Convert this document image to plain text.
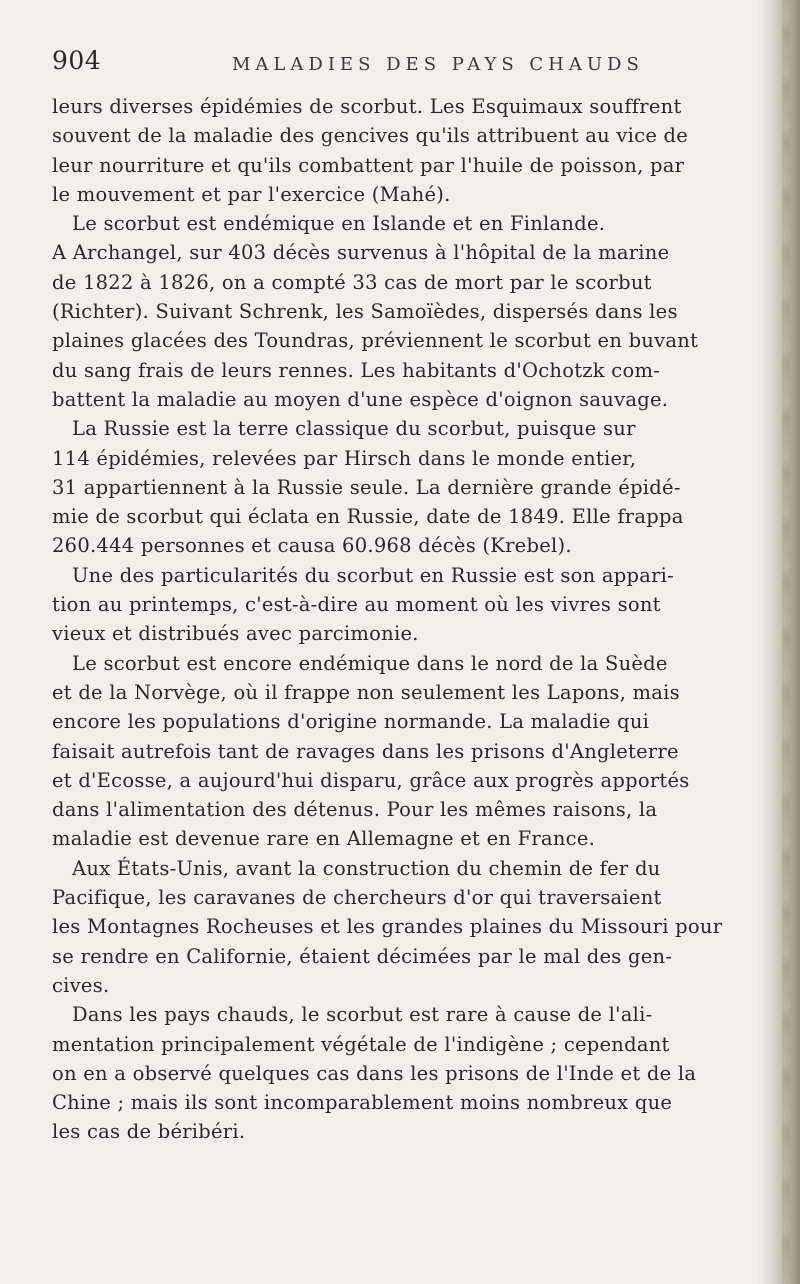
904	MALADIES DES PAYS CHAUDS
leurs diverses épidémies de scorbut. Les Esquimaux souffrent
souvent de la maladie des gencives qu'ils attribuent au vice de
leur nourriture et qu'ils combattent par l'huile de poisson, par
le mouvement et par l'exercice (Mahé).
Le scorbut est endémique en Islande et en Finlande.
A Archangel, sur 403 décès survenus à l'hôpital de la marine
de 1822 à 1826, on a compté 33 cas de mort par le scorbut
(Richter). Suivant Schrenk, les Samoïèdes, dispersés dans les
plaines glacées des Toundras, préviennent le scorbut en buvant
du sang frais de leurs rennes. Les habitants d'Ochotzk com-
battent la maladie au moyen d'une espèce d'oignon sauvage.
La Russie est la terre classique du scorbut, puisque sur
114 épidémies, relevées par Hirsch dans le monde entier,
31 appartiennent à la Russie seule. La dernière grande épidé-
mie de scorbut qui éclata en Russie, date de 1849. Elle frappa
260.444 personnes et causa 60.968 décès (Krebel).
Une des particularités du scorbut en Russie est son appari-
tion au printemps, c'est-à-dire au moment où les vivres sont
vieux et distribués avec parcimonie.
Le scorbut est encore endémique dans le nord de la Suède
et de la Norvège, où il frappe non seulement les Lapons, mais
encore les populations d'origine normande. La maladie qui
faisait autrefois tant de ravages dans les prisons d'Angleterre
et d'Ecosse, a aujourd'hui disparu, grâce aux progrès apportés
dans l'alimentation des détenus. Pour les mêmes raisons, la
maladie est devenue rare en Allemagne et en France.
Aux États-Unis, avant la construction du chemin de fer du
Pacifique, les caravanes de chercheurs d'or qui traversaient
les Montagnes Rocheuses et les grandes plaines du Missouri pour
se rendre en Californie, étaient décimées par le mal des gen-
cives.
Dans les pays chauds, le scorbut est rare à cause de l'ali-
mentation principalement végétale de l'indigène ; cependant
on en a observé quelques cas dans les prisons de l'Inde et de la
Chine ; mais ils sont incomparablement moins nombreux que
les cas de béribéri.
